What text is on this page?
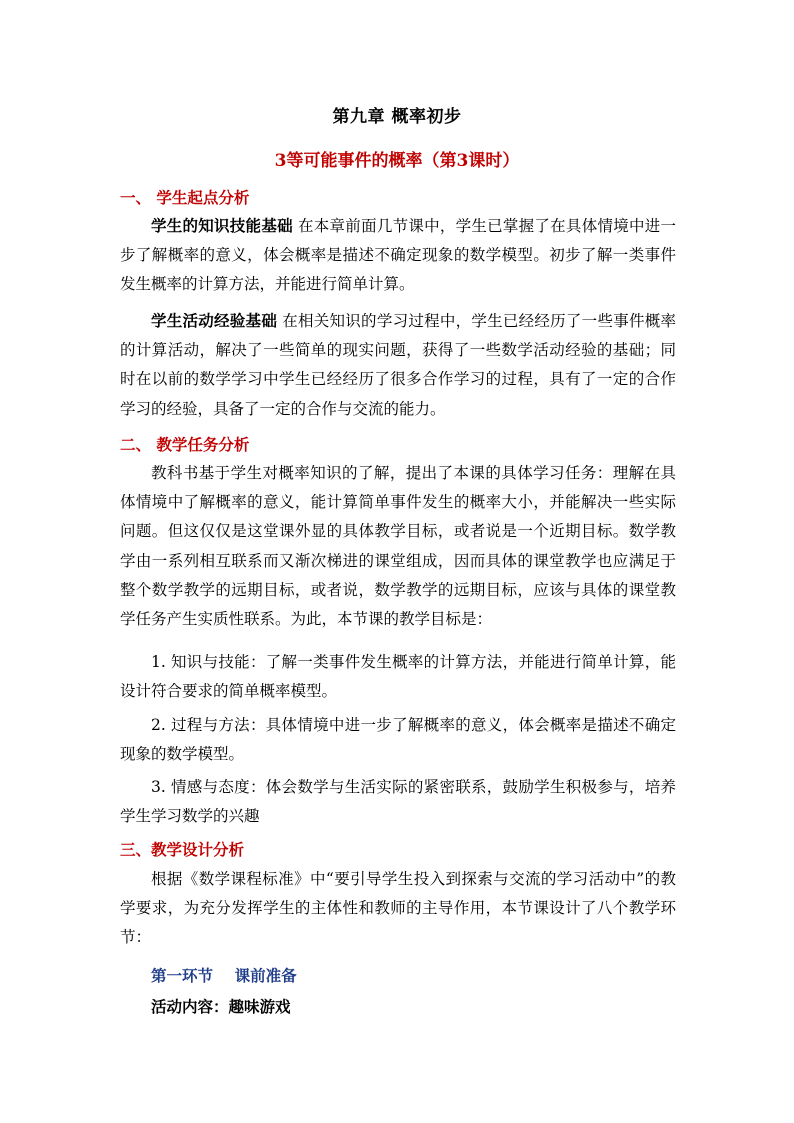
第九章 概率初步
3等可能事件的概率（第3课时）
一、 学生起点分析
学生的知识技能基础 在本章前面几节课中，学生已掌握了在具体情境中进一步了解概率的意义，体会概率是描述不确定现象的数学模型。初步了解一类事件发生概率的计算方法，并能进行简单计算。
学生活动经验基础 在相关知识的学习过程中，学生已经经历了一些事件概率的计算活动，解决了一些简单的现实问题，获得了一些数学活动经验的基础；同时在以前的数学学习中学生已经经历了很多合作学习的过程，具有了一定的合作学习的经验，具备了一定的合作与交流的能力。
二、 教学任务分析
教科书基于学生对概率知识的了解，提出了本课的具体学习任务：理解在具体情境中了解概率的意义，能计算简单事件发生的概率大小，并能解决一些实际问题。但这仅仅是这堂课外显的具体教学目标，或者说是一个近期目标。数学教学由一系列相互联系而又渐次梯进的课堂组成，因而具体的课堂教学也应满足于整个数学教学的远期目标，或者说，数学教学的远期目标，应该与具体的课堂教学任务产生实质性联系。为此，本节课的教学目标是：
1. 知识与技能：了解一类事件发生概率的计算方法，并能进行简单计算，能设计符合要求的简单概率模型。
2. 过程与方法：具体情境中进一步了解概率的意义，体会概率是描述不确定现象的数学模型。
3. 情感与态度：体会数学与生活实际的紧密联系，鼓励学生积极参与，培养学生学习数学的兴趣
三、教学设计分析
根据《数学课程标准》中“要引导学生投入到探索与交流的学习活动中”的教学要求，为充分发挥学生的主体性和教师的主导作用，本节课设计了八个教学环节：
第一环节    课前准备
活动内容：趣味游戏
